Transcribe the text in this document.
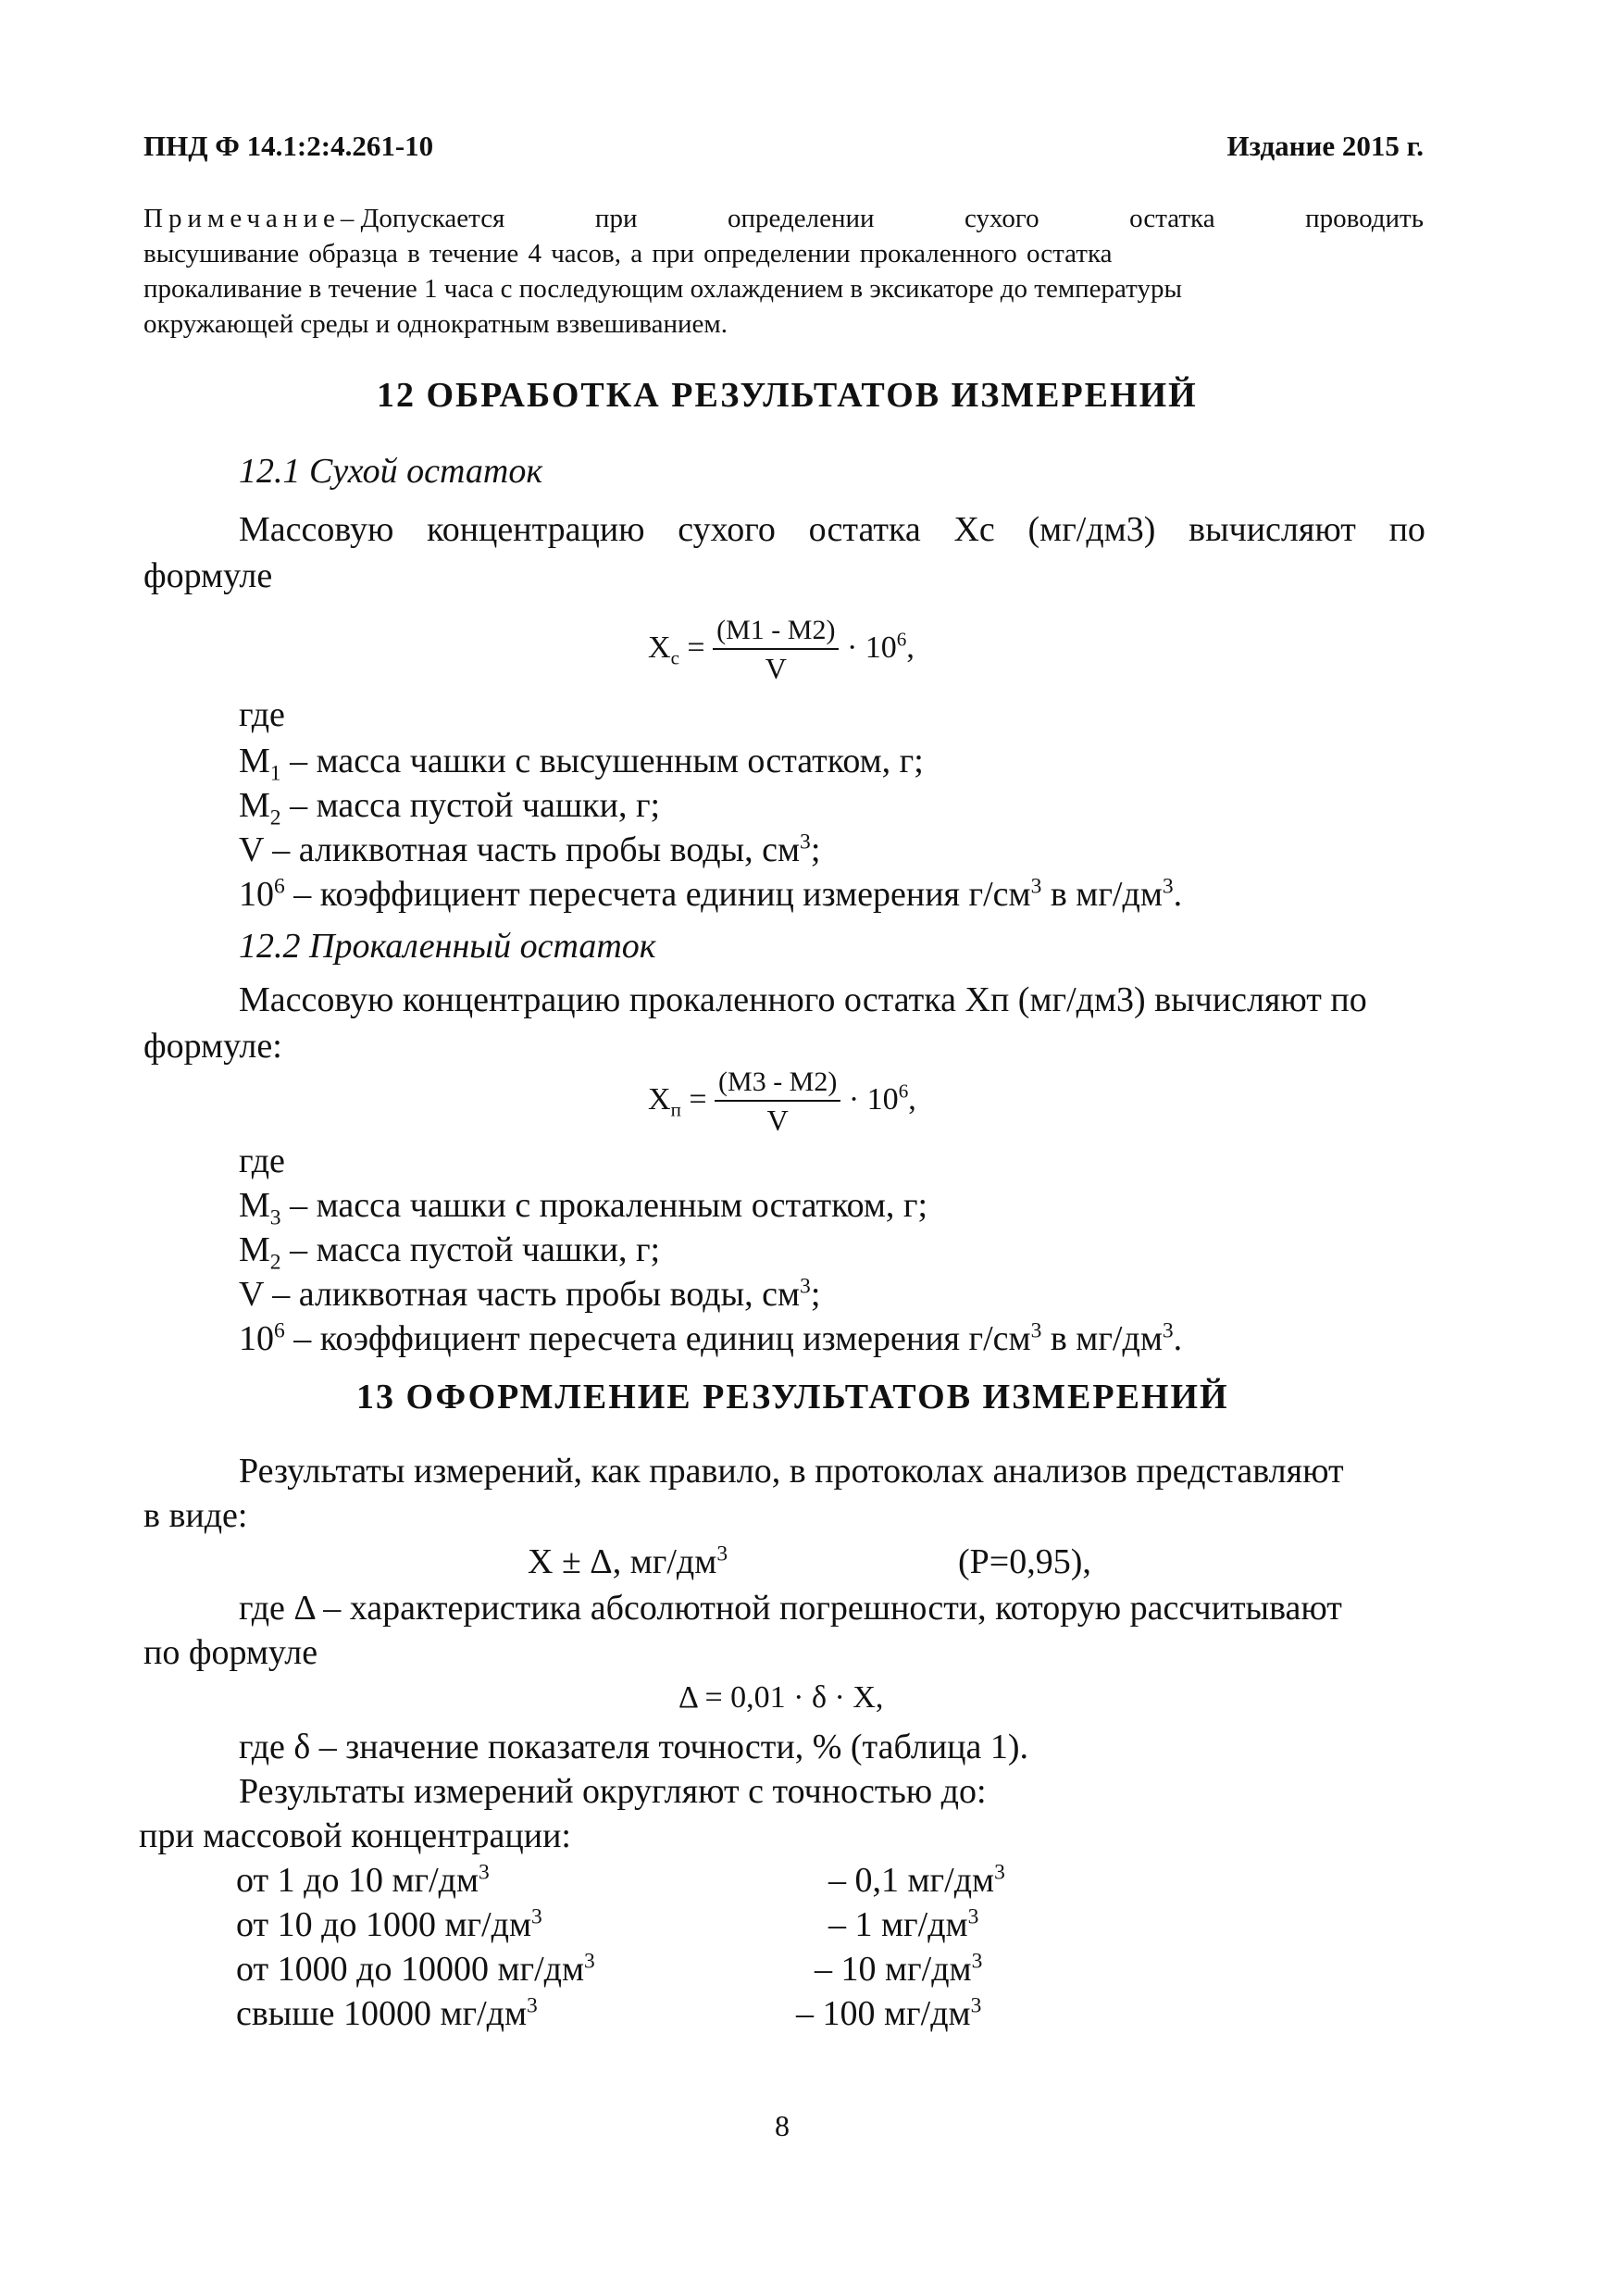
ПНД Ф 14.1:2:4.261-10	Издание 2015 г.
Примечание– Допускается	при	определении	сухого	остатка	проводить
высушивание образца в течение 4 часов, а при определении прокаленного остатка
прокаливание в течение 1 часа с последующим охлаждением в эксикаторе до температуры
окружающей среды и однократным взвешиванием.
12 ОБРАБОТКА РЕЗУЛЬТАТОВ ИЗМЕРЕНИЙ
12.1 Сухой остаток
Массовую концентрацию сухого остатка Хс (мг/дм3) вычисляют по
формуле
$X_с = \frac{(M1 - M2)}{V} \cdot 10^6$,
где
$M_1$ – масса чашки с высушенным остатком, г;
$M_2$ – масса пустой чашки, г;
V – аликвотная часть пробы воды, $см^3$;
$10^6$ – коэффициент пересчета единиц измерения $г/см^3$ в $мг/дм^3$.
12.2 Прокаленный остаток
Массовую концентрацию прокаленного остатка Хп (мг/дм3) вычисляют по
формуле:
$X_п = \frac{(M3 - M2)}{V} \cdot 10^6$,
где
$M_3$ – масса чашки с прокаленным остатком, г;
$M_2$ – масса пустой чашки, г;
V – аликвотная часть пробы воды, $см^3$;
$10^6$ – коэффициент пересчета единиц измерения $г/см^3$ в $мг/дм^3$.
13 ОФОРМЛЕНИЕ РЕЗУЛЬТАТОВ ИЗМЕРЕНИЙ
Результаты измерений, как правило, в протоколах анализов представляют
в виде:
X ± Δ, $мг/дм^3$	(P=0,95),
где Δ – характеристика абсолютной погрешности, которую рассчитывают
по формуле
Δ = 0,01 · δ · X,
где δ – значение показателя точности, % (таблица 1).
Результаты измерений округляют с точностью до:
при массовой концентрации:
от 1 до 10 $мг/дм^3$	– 0,1 $мг/дм^3$
от 10 до 1000 $мг/дм^3$	– 1 $мг/дм^3$
от 1000 до 10000 $мг/дм^3$	– 10 $мг/дм^3$
свыше 10000 $мг/дм^3$	– 100 $мг/дм^3$
8
